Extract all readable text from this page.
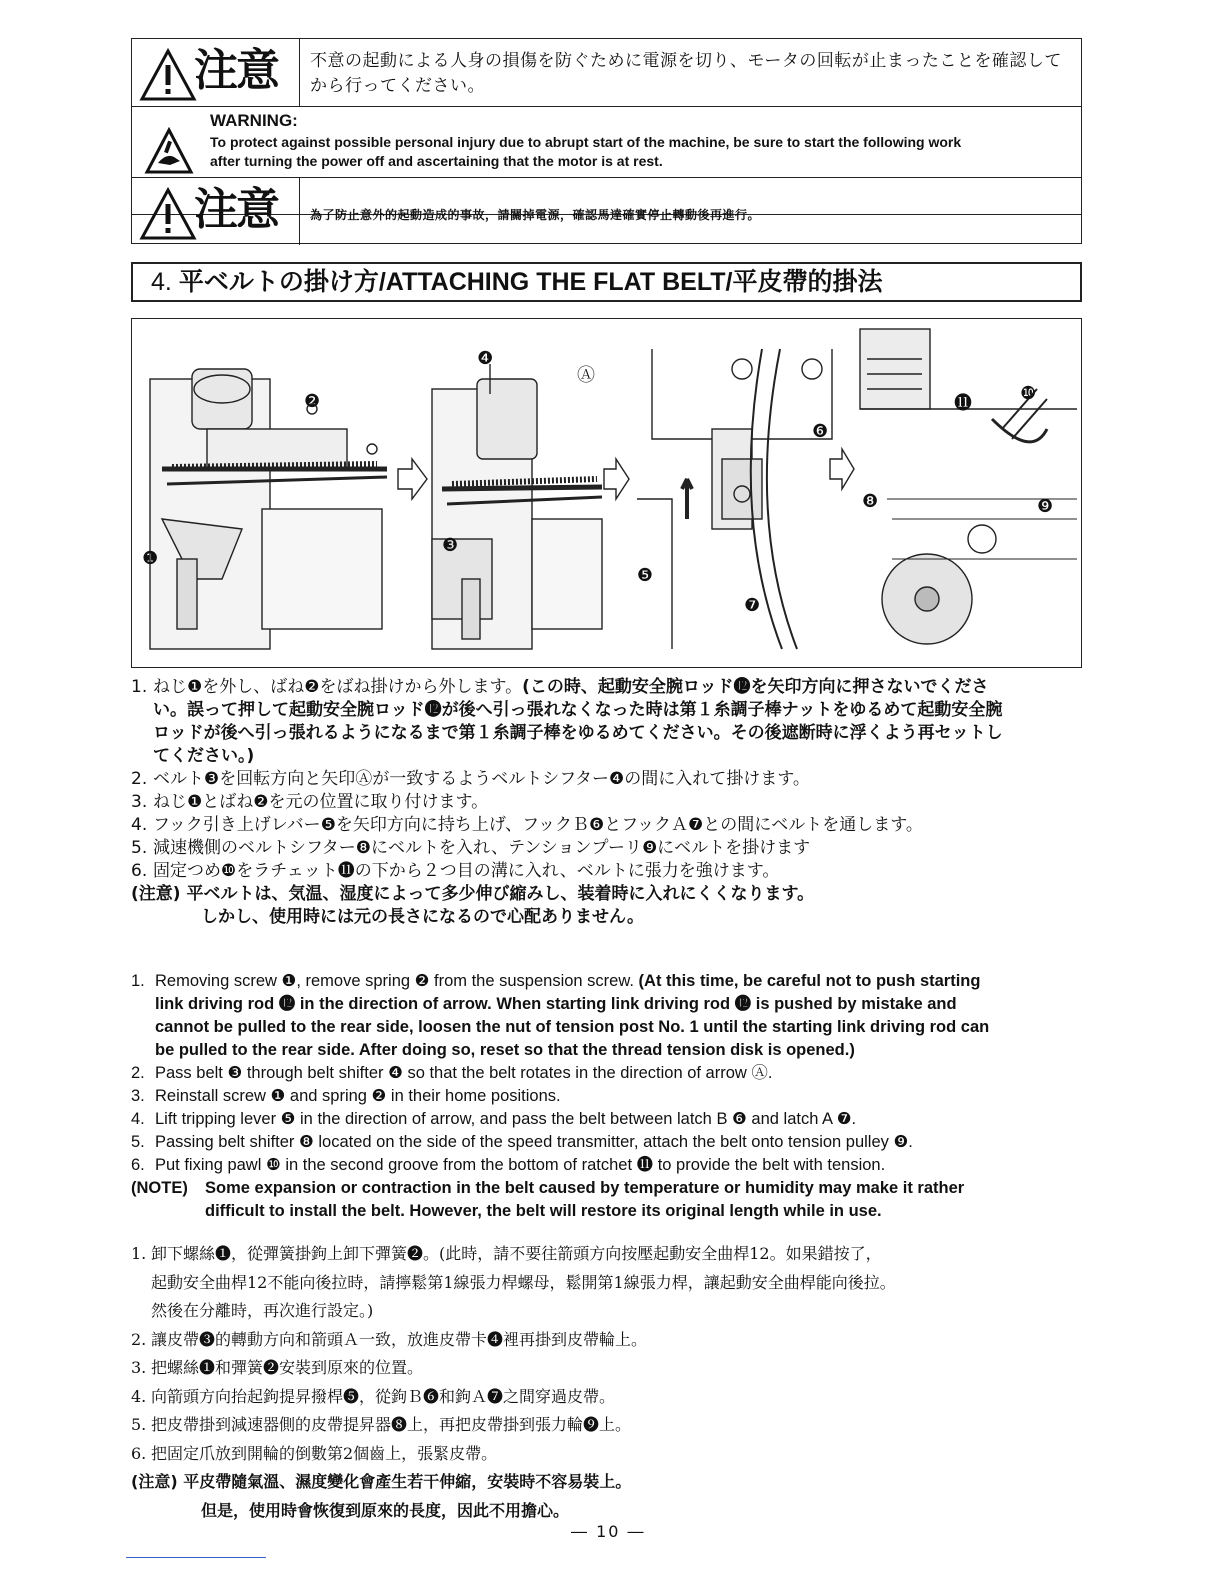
注意 不意の起動による人身の損傷を防ぐために電源を切り、モータの回転が止まったことを確認してから行ってください。
WARNING:
To protect against possible personal injury due to abrupt start of the machine, be sure to start the following work
after turning the power off and ascertaining that the motor is at rest.
注意	為了防止意外的起動造成的事故，請關掉電源，確認馬達確實停止轉動後再進行。
4. 平ベルトの掛け方/ATTACHING THE FLAT BELT/平皮帶的掛法
❷
❶
❹
Ⓐ
❸
❺
❻
❼
❽	❾
❿
⓫
1. ねじ❶を外し、ばね❷をばね掛けから外します。(この時、起動安全腕ロッド⓬を矢印方向に押さないでくださ
い。誤って押して起動安全腕ロッド⓬が後へ引っ張れなくなった時は第１糸調子棒ナットをゆるめて起動安全腕
ロッドが後へ引っ張れるようになるまで第１糸調子棒をゆるめてください。その後遮断時に浮くよう再セットし
てください。)
2. ベルト❸を回転方向と矢印Ⓐが一致するようベルトシフター❹の間に入れて掛けます。
3. ねじ❶とばね❷を元の位置に取り付けます。
4. フック引き上げレバー❺を矢印方向に持ち上げ、フックＢ❻とフックＡ❼との間にベルトを通します。
5. 減速機側のベルトシフター❽にベルトを入れ、テンションプーリ❾にベルトを掛けます
6. 固定つめ❿をラチェット⓫の下から２つ目の溝に入れ、ベルトに張力を強けます。
(注意) 平ベルトは、気温、湿度によって多少伸び縮みし、装着時に入れにくくなります。
しかし、使用時には元の長さになるので心配ありません。
1. Removing screw ❶, remove spring ❷ from the suspension screw. (At this time, be careful not to push starting
link driving rod ⓬ in the direction of arrow. When starting link driving rod ⓬ is pushed by mistake and
cannot be pulled to the rear side, loosen the nut of tension post No. 1 until the starting link driving rod can
be pulled to the rear side. After doing so, reset so that the thread tension disk is opened.)
2. Pass belt ❸ through belt shifter ❹ so that the belt rotates in the direction of arrow Ⓐ.
3. Reinstall screw ❶ and spring ❷ in their home positions.
4. Lift tripping lever ❺ in the direction of arrow, and pass the belt between latch B ❻ and latch A ❼.
5. Passing belt shifter ❽ located on the side of the speed transmitter, attach the belt onto tension pulley ❾.
6. Put fixing pawl ❿ in the second groove from the bottom of ratchet ⓫ to provide the belt with tension.
(NOTE)	Some expansion or contraction in the belt caused by temperature or humidity may make it rather
difficult to install the belt. However, the belt will restore its original length while in use.
1. 卸下螺絲❶，從彈簧掛鉤上卸下彈簧❷。(此時，請不要往箭頭方向按壓起動安全曲桿12。如果錯按了，
起動安全曲桿12不能向後拉時，請擰鬆第1線張力桿螺母，鬆開第1線張力桿，讓起動安全曲桿能向後拉。
然後在分離時，再次進行設定。)
2. 讓皮帶❸的轉動方向和箭頭Ａ一致，放進皮帶卡❹裡再掛到皮帶輪上。
3. 把螺絲❶和彈簧❷安裝到原來的位置。
4. 向箭頭方向抬起鉤提昇撥桿❺，從鉤Ｂ❻和鉤Ａ❼之間穿過皮帶。
5. 把皮帶掛到減速器側的皮帶提昇器❽上，再把皮帶掛到張力輪❾上。
6. 把固定爪放到開輪的倒數第2個齒上，張緊皮帶。
(注意) 平皮帶隨氣溫、濕度變化會產生若干伸縮，安裝時不容易裝上。
但是，使用時會恢復到原來的長度，因此不用擔心。
― 10 ―
